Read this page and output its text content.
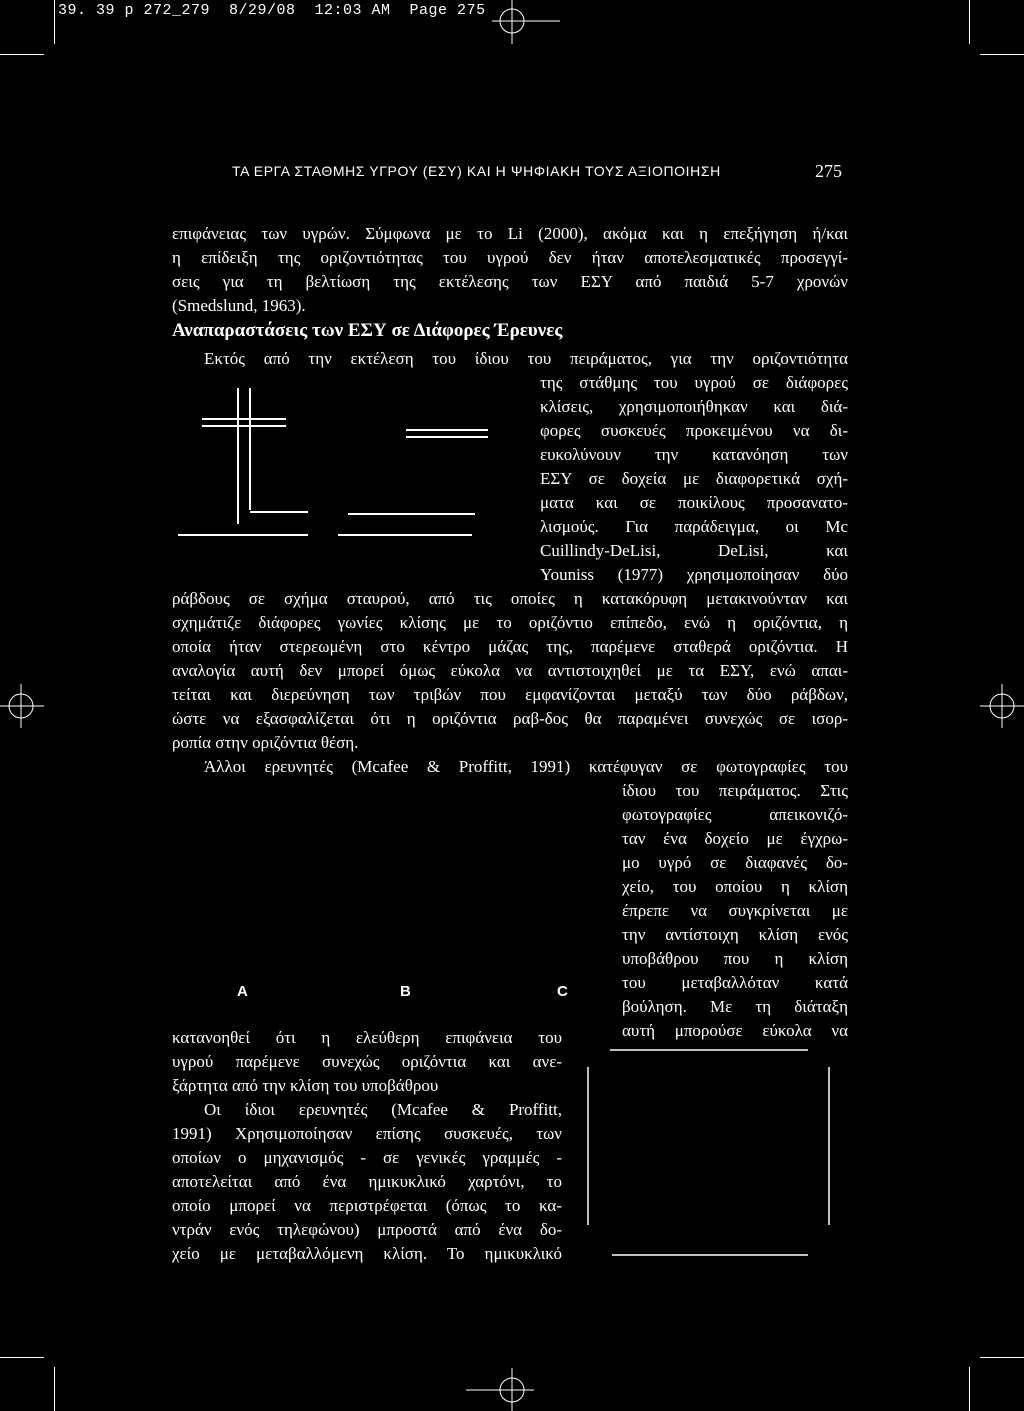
39. 39 p 272_279  8/29/08  12:03 AM  Page 275
ΤΑ ΕΡΓΑ ΣΤΑΘΜΗΣ ΥΓΡΟΥ (ΕΣΥ) ΚΑΙ Η ΨΗΦΙΑΚΗ ΤΟΥΣ ΑΞΙΟΠΟΙΗΣΗ	275
επιφάνειας των υγρών. Σύμφωνα με το Li (2000), ακόμα και η επεξήγηση ή/και
η επίδειξη της οριζοντιότητας του υγρού δεν ήταν αποτελεσματικές προσεγγί-
σεις για τη βελτίωση της εκτέλεσης των ΕΣΥ από παιδιά 5-7 χρονών
(Smedslund, 1963).
Αναπαραστάσεις των ΕΣΥ σε Διάφορες Έρευνες
Εκτός από την εκτέλεση του ίδιου του πειράματος, για την οριζοντιότητα
της στάθμης του υγρού σε διάφορες
κλίσεις, χρησιμοποιήθηκαν και διά-
φορες συσκευές προκειμένου να δι-
ευκολύνουν την κατανόηση των
ΕΣΥ σε δοχεία με διαφορετικά σχή-
ματα και σε ποικίλους προσανατο-
λισμούς. Για παράδειγμα, οι Mc
Cuillindy-DeLisi, DeLisi, και
Youniss (1977) χρησιμοποίησαν δύο
ράβδους σε σχήμα σταυρού, από τις οποίες η κατακόρυφη μετακινούνταν και
σχημάτιζε διάφορες γωνίες κλίσης με το οριζόντιο επίπεδο, ενώ η οριζόντια, η
οποία ήταν στερεωμένη στο κέντρο μάζας της, παρέμενε σταθερά οριζόντια. Η
αναλογία αυτή δεν μπορεί όμως εύκολα να αντιστοιχηθεί με τα ΕΣΥ, ενώ απαι-
τείται και διερεύνηση των τριβών που εμφανίζονται μεταξύ των δύο ράβδων,
ώστε να εξασφαλίζεται ότι η οριζόντια ραβ-δος θα παραμένει συνεχώς σε ισορ-
ροπία στην οριζόντια θέση.
Άλλοι ερευνητές (Mcafee & Proffitt, 1991) κατέφυγαν σε φωτογραφίες του
ίδιου του πειράματος. Στις
φωτογραφίες απεικονιζό-
ταν ένα δοχείο με έγχρω-
μο υγρό σε διαφανές δο-
χείο, του οποίου η κλίση
έπρεπε να συγκρίνεται με
την αντίστοιχη κλίση ενός
υποβάθρου που η κλίση
του μεταβαλλόταν κατά
βούληση. Με τη διάταξη
αυτή μπορούσε εύκολα να
A	B	C
κατανοηθεί ότι η ελεύθερη επιφάνεια του
υγρού παρέμενε συνεχώς οριζόντια και ανε-
ξάρτητα από την κλίση του υποβάθρου
Οι ίδιοι ερευνητές (Mcafee & Proffitt,
1991) Χρησιμοποίησαν επίσης συσκευές, των
οποίων ο μηχανισμός - σε γενικές γραμμές -
αποτελείται από ένα ημικυκλικό χαρτόνι, το
οποίο μπορεί να περιστρέφεται (όπως το κα-
ντράν ενός τηλεφώνου) μπροστά από ένα δο-
χείο με μεταβαλλόμενη κλίση. Το ημικυκλικό
